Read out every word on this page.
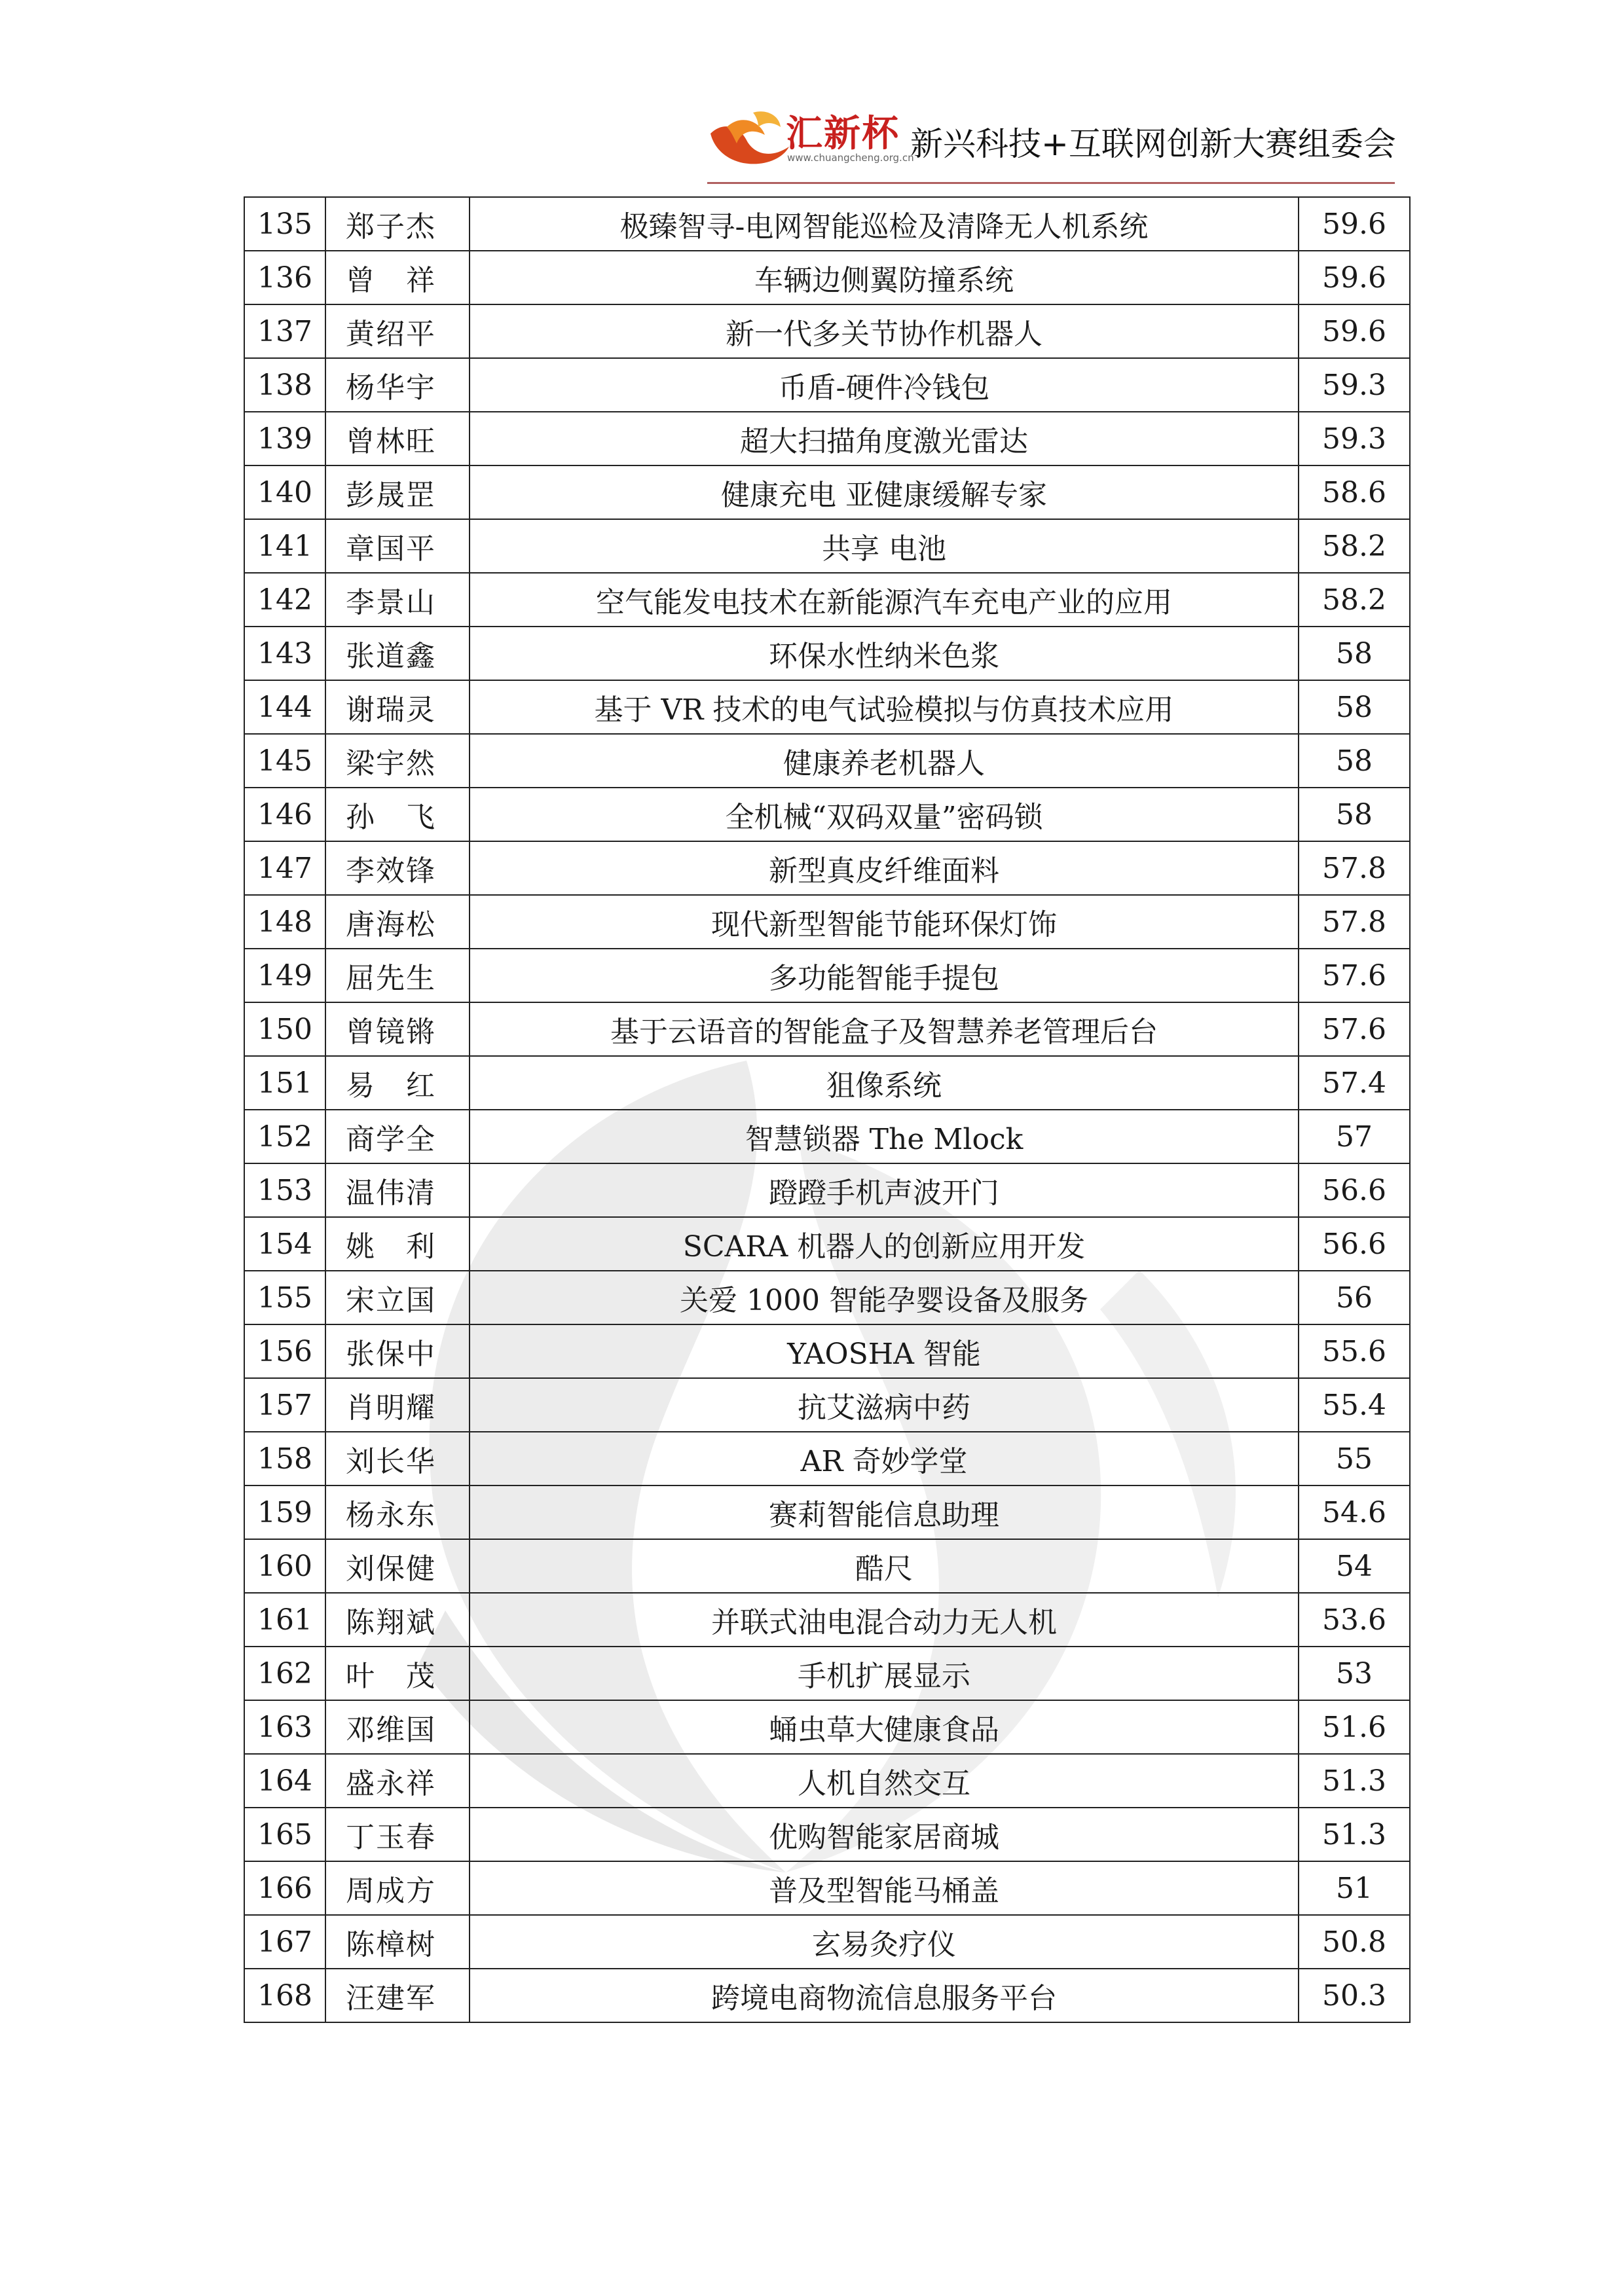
汇新杯
www.chuangcheng.org.cn
新兴科技+互联网创新大赛组委会
135	郑子杰	极臻智寻-电网智能巡检及清降无人机系统	59.6
136	曾　祥	车辆边侧翼防撞系统	59.6
137	黄绍平	新一代多关节协作机器人	59.6
138	杨华宇	币盾-硬件冷钱包	59.3
139	曾林旺	超大扫描角度激光雷达	59.3
140	彭晟罡	健康充电 亚健康缓解专家	58.6
141	章国平	共享 电池	58.2
142	李景山	空气能发电技术在新能源汽车充电产业的应用	58.2
143	张道鑫	环保水性纳米色浆	58
144	谢瑞灵	基于 VR 技术的电气试验模拟与仿真技术应用	58
145	梁宇然	健康养老机器人	58
146	孙　飞	全机械“双码双量”密码锁	58
147	李效锋	新型真皮纤维面料	57.8
148	唐海松	现代新型智能节能环保灯饰	57.8
149	屈先生	多功能智能手提包	57.6
150	曾镜锵	基于云语音的智能盒子及智慧养老管理后台	57.6
151	易　红	狙像系统	57.4
152	商学全	智慧锁器 The Mlock	57
153	温伟清	蹬蹬手机声波开门	56.6
154	姚　利	SCARA 机器人的创新应用开发	56.6
155	宋立国	关爱 1000 智能孕婴设备及服务	56
156	张保中	YAOSHA 智能	55.6
157	肖明耀	抗艾滋病中药	55.4
158	刘长华	AR 奇妙学堂	55
159	杨永东	赛莉智能信息助理	54.6
160	刘保健	酷尺	54
161	陈翔斌	并联式油电混合动力无人机	53.6
162	叶　茂	手机扩展显示	53
163	邓维国	蛹虫草大健康食品	51.6
164	盛永祥	人机自然交互	51.3
165	丁玉春	优购智能家居商城	51.3
166	周成方	普及型智能马桶盖	51
167	陈樟树	玄易灸疗仪	50.8
168	汪建军	跨境电商物流信息服务平台	50.3
